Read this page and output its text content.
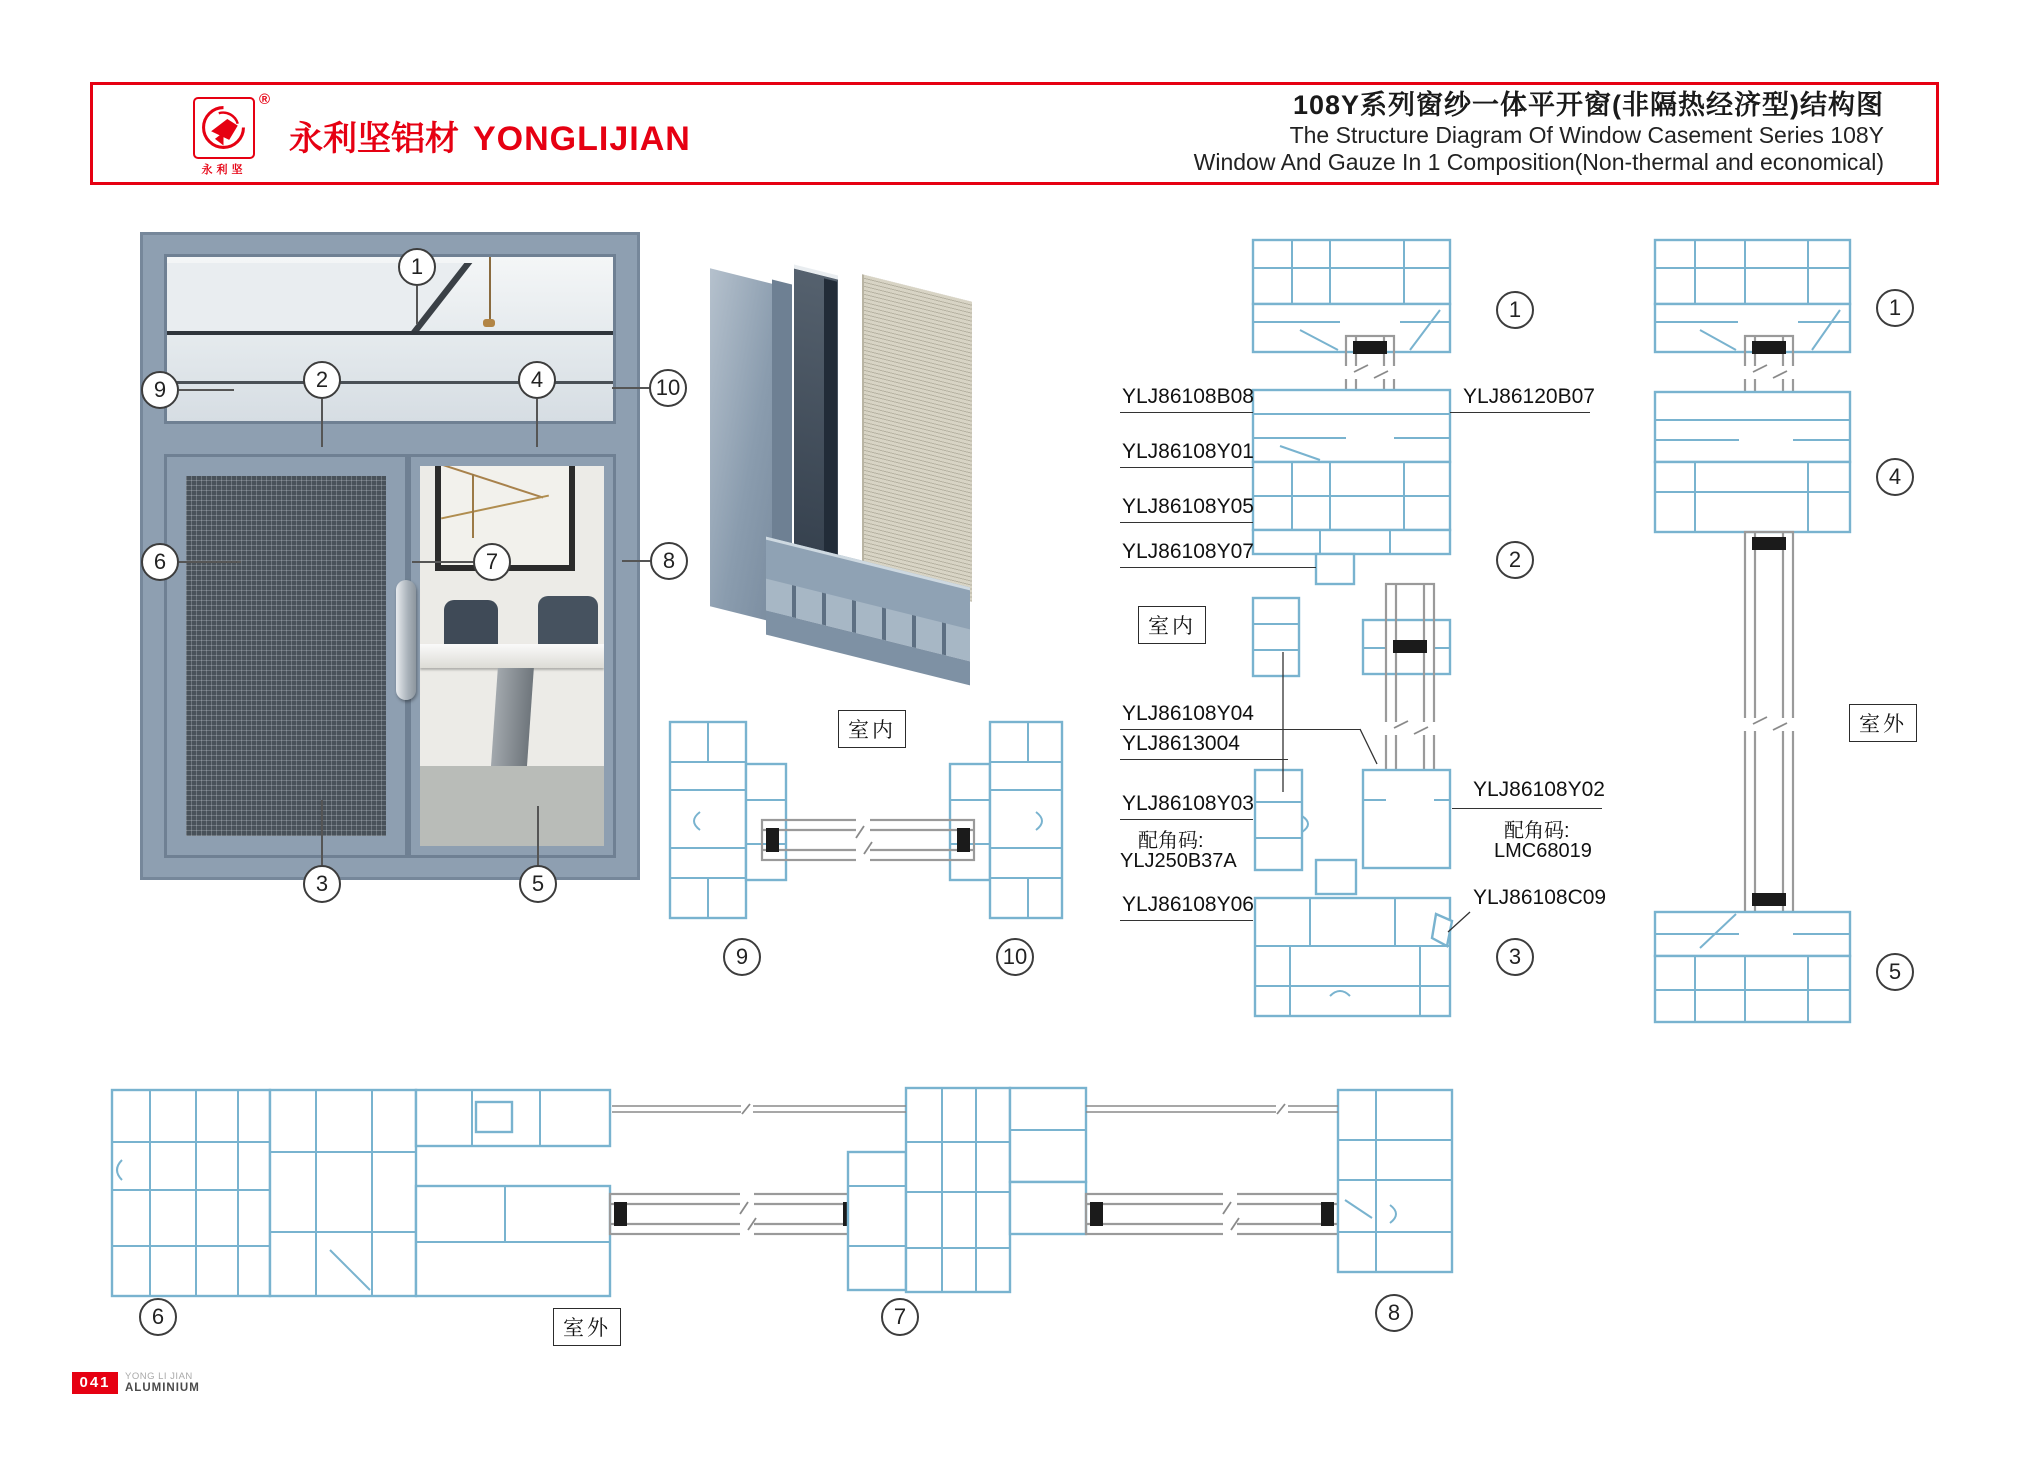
®
永利坚
永利坚铝材 YONGLIJIAN
108Y系列窗纱一体平开窗(非隔热经济型)结构图
The Structure Diagram Of Window Casement Series 108Y
Window And Gauze In 1 Composition(Non-thermal and economical)
1
9	2	4	10
6	7	8
3	5
9	10
1
2
3
1
4
5
6	7	8
室内
室内
室外
室外
YLJ86108B08
YLJ86108Y01
YLJ86108Y05
YLJ86108Y07
YLJ86108Y04
YLJ8613004
YLJ86108Y03
配角码:
YLJ250B37A
YLJ86108Y06
YLJ86120B07
YLJ86108Y02
配角码:
LMC68019
YLJ86108C09
041	YONG LI JIAN
ALUMINIUM
